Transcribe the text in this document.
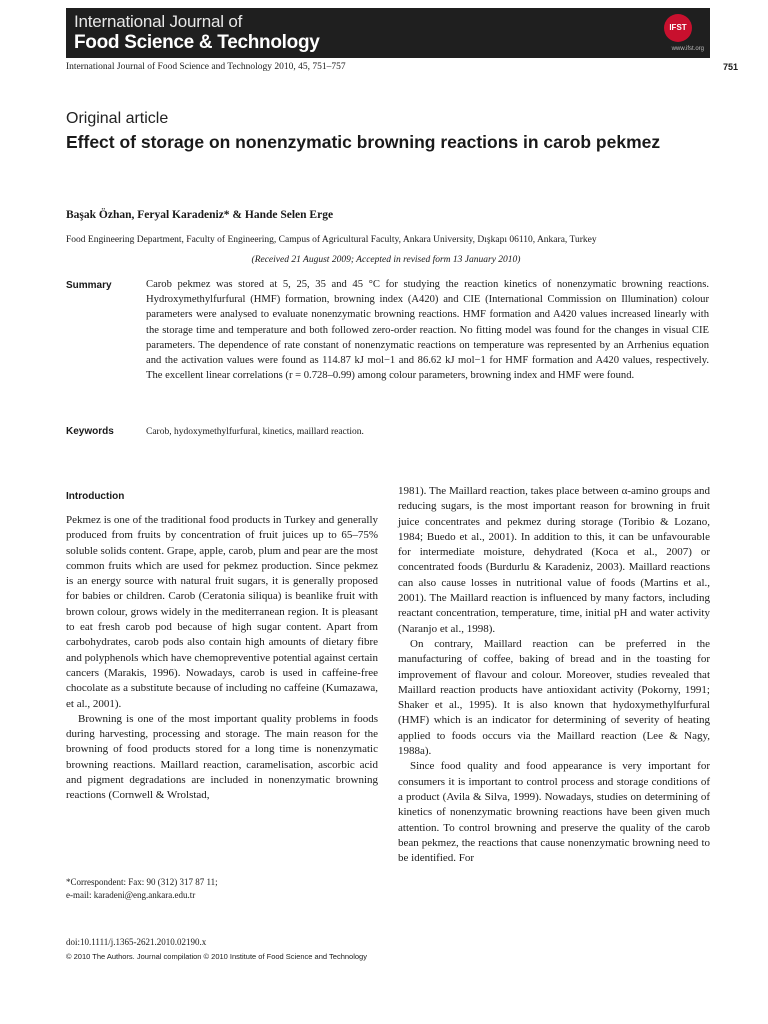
International Journal of
Food Science & Technology
IFST
www.ifst.org
International Journal of Food Science and Technology 2010, 45, 751–757	751
Original article
Effect of storage on nonenzymatic browning reactions in carob pekmez
Başak Özhan, Feryal Karadeniz* & Hande Selen Erge
Food Engineering Department, Faculty of Engineering, Campus of Agricultural Faculty, Ankara University, Dışkapı 06110, Ankara, Turkey
(Received 21 August 2009; Accepted in revised form 13 January 2010)
Summary	Carob pekmez was stored at 5, 25, 35 and 45 °C for studying the reaction kinetics of nonenzymatic browning reactions. Hydroxymethylfurfural (HMF) formation, browning index (A420) and CIE (International Commission on Illumination) colour parameters were analysed to evaluate nonenzymatic browning reactions. HMF formation and A420 values increased linearly with the storage time and temperature and both followed zero-order reaction. No fitting model was found for the changes in visual CIE parameters. The dependence of rate constant of nonenzymatic reactions on temperature was represented by an Arrhenius equation and the activation values were found as 114.87 kJ mol−1 and 86.62 kJ mol−1 for HMF formation and A420 values, respectively. The excellent linear correlations (r = 0.728–0.99) among colour parameters, browning index and HMF were found.
Keywords	Carob, hydoxymethylfurfural, kinetics, maillard reaction.
Introduction

Pekmez is one of the traditional food products in Turkey and generally produced from fruits by concentration of fruit juices up to 65–75% soluble solids content. Grape, apple, carob, plum and pear are the most common fruits which are used for pekmez production. Since pekmez is an energy source with natural fruit sugars, it is generally proposed for babies or children. Carob (Ceratonia siliqua) is beanlike fruit with brown colour, grows widely in the mediterranean region. It is pleasant to eat fresh carob pod because of high sugar content. Apart from carbohydrates, carob pods also contain high amounts of dietary fibre and polyphenols which have chemopreventive potential against certain cancers (Marakis, 1996). Nowadays, carob is used in caffeine-free chocolate as a substitute because of including no caffeine (Kumazawa, et al., 2001).

Browning is one of the most important quality problems in foods during harvesting, processing and storage. The main reason for the browning of food products stored for a long time is nonenzymatic browning reactions. Maillard reaction, caramelisation, ascorbic acid and pigment degradations are included in nonenzymatic browning reactions (Cornwell & Wrolstad,

1981). The Maillard reaction, takes place between α-amino groups and reducing sugars, is the most important reason for browning in fruit juice concentrates and pekmez during storage (Toribio & Lozano, 1984; Buedo et al., 2001). In addition to this, it can be unfavourable for intermediate moisture, dehydrated (Koca et al., 2007) or concentrated foods (Burdurlu & Karadeniz, 2003). Maillard reactions can also cause losses in nutritional value of foods (Martins et al., 2001). The Maillard reaction is influenced by many factors, including reactant concentration, temperature, time, initial pH and water activity (Naranjo et al., 1998).

On contrary, Maillard reaction can be preferred in the manufacturing of coffee, baking of bread and in the toasting for improvement of flavour and colour. Moreover, studies revealed that Maillard reaction products have antioxidant activity (Pokorny, 1991; Shaker et al., 1995). It is also known that hydoxymethylfurfural (HMF) which is an indicator for determining of severity of heating applied to foods occurs via the Maillard reaction (Lee & Nagy, 1988a).

Since food quality and food appearance is very important for consumers it is important to control process and storage conditions of a product (Avila & Silva, 1999). Nowadays, studies on determining of kinetics of nonenzymatic browning reactions have been given much attention. To control browning and preserve the quality of the carob bean pekmez, the reactions that cause nonenzymatic browning need to be identified. For

*Correspondent: Fax: 90 (312) 317 87 11;
e-mail: karadeni@eng.ankara.edu.tr
doi:10.1111/j.1365-2621.2010.02190.x
© 2010 The Authors. Journal compilation © 2010 Institute of Food Science and Technology
